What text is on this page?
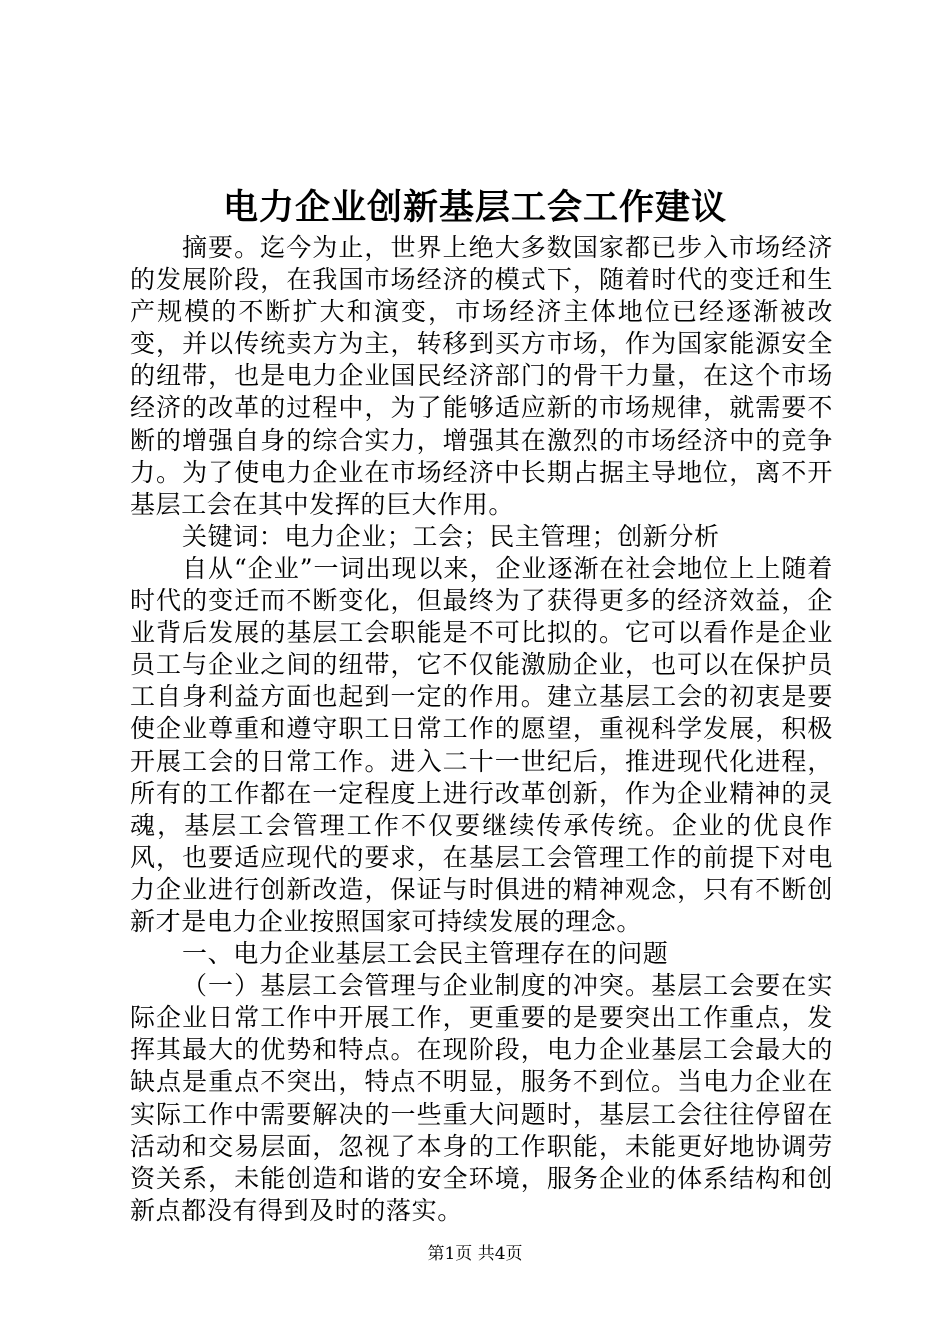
电力企业创新基层工会工作建议

摘要。迄今为止，世界上绝大多数国家都已步入市场经济的发展阶段，在我国市场经济的模式下，随着时代的变迁和生产规模的不断扩大和演变，市场经济主体地位已经逐渐被改变，并以传统卖方为主，转移到买方市场，作为国家能源安全的纽带，也是电力企业国民经济部门的骨干力量，在这个市场经济的改革的过程中，为了能够适应新的市场规律，就需要不断的增强自身的综合实力，增强其在激烈的市场经济中的竞争力。为了使电力企业在市场经济中长期占据主导地位，离不开基层工会在其中发挥的巨大作用。

关键词：电力企业；工会；民主管理；创新分析

自从“企业”一词出现以来，企业逐渐在社会地位上上随着时代的变迁而不断变化，但最终为了获得更多的经济效益，企业背后发展的基层工会职能是不可比拟的。它可以看作是企业员工与企业之间的纽带，它不仅能激励企业，也可以在保护员工自身利益方面也起到一定的作用。建立基层工会的初衷是要使企业尊重和遵守职工日常工作的愿望，重视科学发展，积极开展工会的日常工作。进入二十一世纪后，推进现代化进程，所有的工作都在一定程度上进行改革创新，作为企业精神的灵魂，基层工会管理工作不仅要继续传承传统。企业的优良作风，也要适应现代的要求，在基层工会管理工作的前提下对电力企业进行创新改造，保证与时俱进的精神观念，只有不断创新才是电力企业按照国家可持续发展的理念。

一、电力企业基层工会民主管理存在的问题

（一）基层工会管理与企业制度的冲突。基层工会要在实际企业日常工作中开展工作，更重要的是要突出工作重点，发挥其最大的优势和特点。在现阶段，电力企业基层工会最大的缺点是重点不突出，特点不明显，服务不到位。当电力企业在实际工作中需要解决的一些重大问题时，基层工会往往停留在活动和交易层面，忽视了本身的工作职能，未能更好地协调劳资关系，未能创造和谐的安全环境，服务企业的体系结构和创新点都没有得到及时的落实。

第1页 共4页
